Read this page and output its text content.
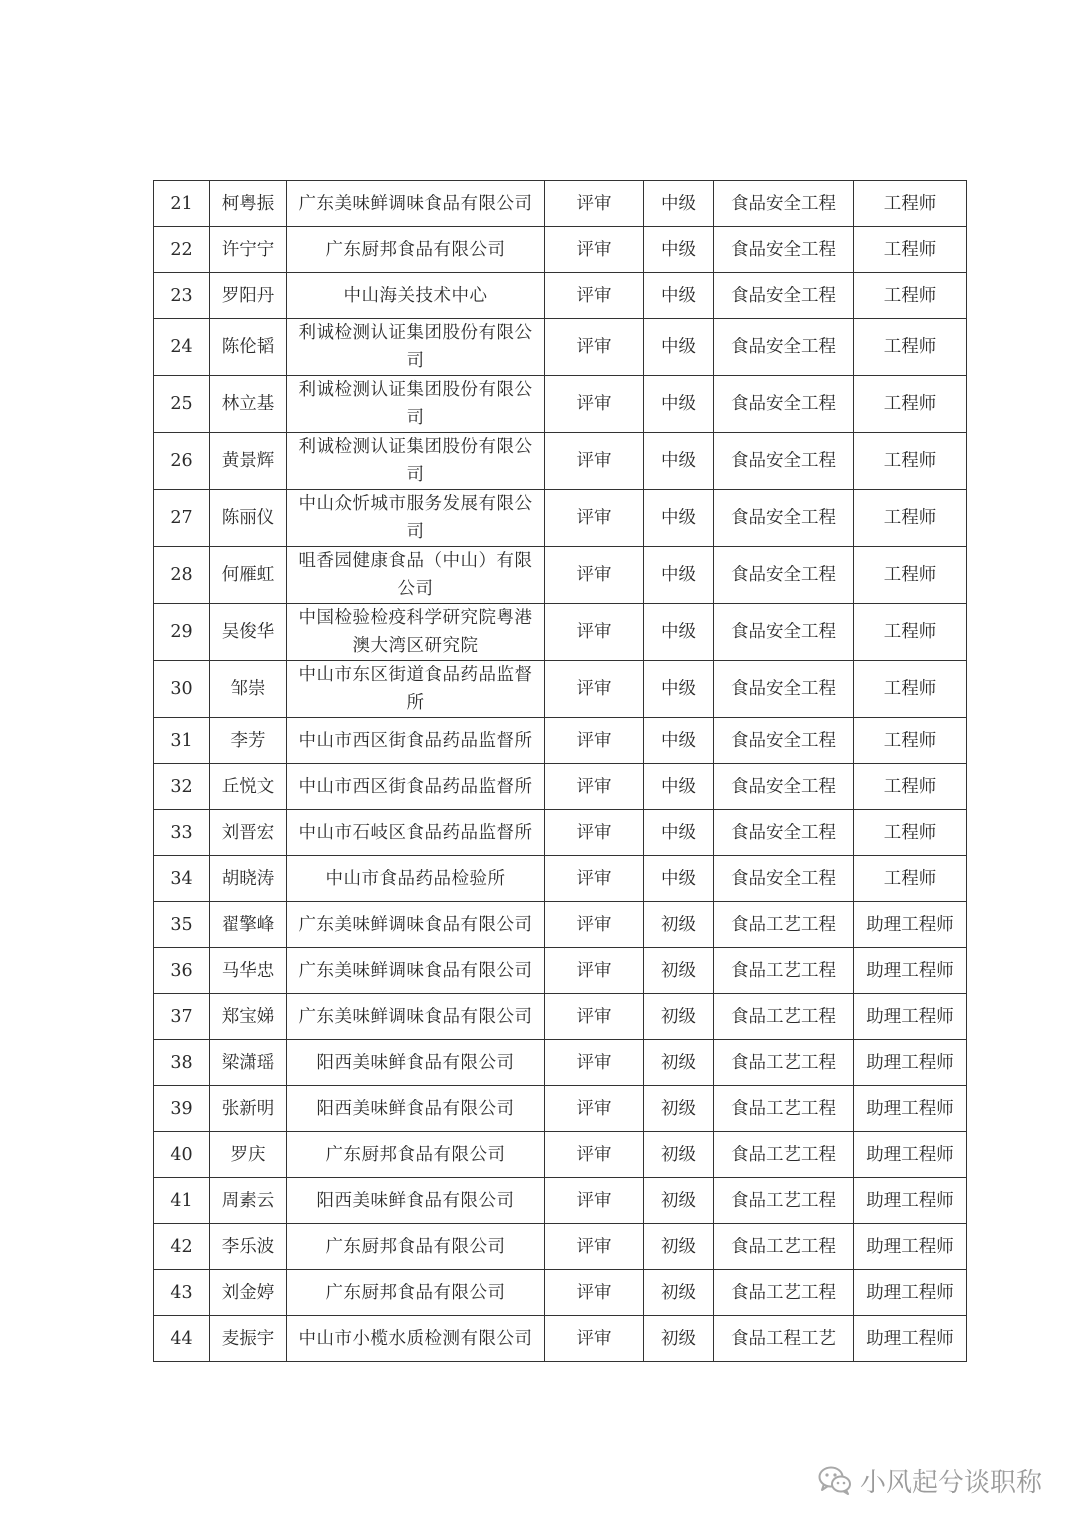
21	柯粤振	广东美味鲜调味食品有限公司	评审	中级	食品安全工程	工程师
22	许宁宁	广东厨邦食品有限公司	评审	中级	食品安全工程	工程师
23	罗阳丹	中山海关技术中心	评审	中级	食品安全工程	工程师
24	陈伦韬	利诚检测认证集团股份有限公司	评审	中级	食品安全工程	工程师
25	林立基	利诚检测认证集团股份有限公司	评审	中级	食品安全工程	工程师
26	黄景辉	利诚检测认证集团股份有限公司	评审	中级	食品安全工程	工程师
27	陈丽仪	中山众忻城市服务发展有限公司	评审	中级	食品安全工程	工程师
28	何雁虹	咀香园健康食品（中山）有限公司	评审	中级	食品安全工程	工程师
29	吴俊华	中国检验检疫科学研究院粤港澳大湾区研究院	评审	中级	食品安全工程	工程师
30	邹崇	中山市东区街道食品药品监督所	评审	中级	食品安全工程	工程师
31	李芳	中山市西区街食品药品监督所	评审	中级	食品安全工程	工程师
32	丘悦文	中山市西区街食品药品监督所	评审	中级	食品安全工程	工程师
33	刘晋宏	中山市石岐区食品药品监督所	评审	中级	食品安全工程	工程师
34	胡晓涛	中山市食品药品检验所	评审	中级	食品安全工程	工程师
35	翟擎峰	广东美味鲜调味食品有限公司	评审	初级	食品工艺工程	助理工程师
36	马华忠	广东美味鲜调味食品有限公司	评审	初级	食品工艺工程	助理工程师
37	郑宝娣	广东美味鲜调味食品有限公司	评审	初级	食品工艺工程	助理工程师
38	梁潇瑶	阳西美味鲜食品有限公司	评审	初级	食品工艺工程	助理工程师
39	张新明	阳西美味鲜食品有限公司	评审	初级	食品工艺工程	助理工程师
40	罗庆	广东厨邦食品有限公司	评审	初级	食品工艺工程	助理工程师
41	周素云	阳西美味鲜食品有限公司	评审	初级	食品工艺工程	助理工程师
42	李乐波	广东厨邦食品有限公司	评审	初级	食品工艺工程	助理工程师
43	刘金婷	广东厨邦食品有限公司	评审	初级	食品工艺工程	助理工程师
44	麦振宇	中山市小榄水质检测有限公司	评审	初级	食品工程工艺	助理工程师
小风起兮谈职称
